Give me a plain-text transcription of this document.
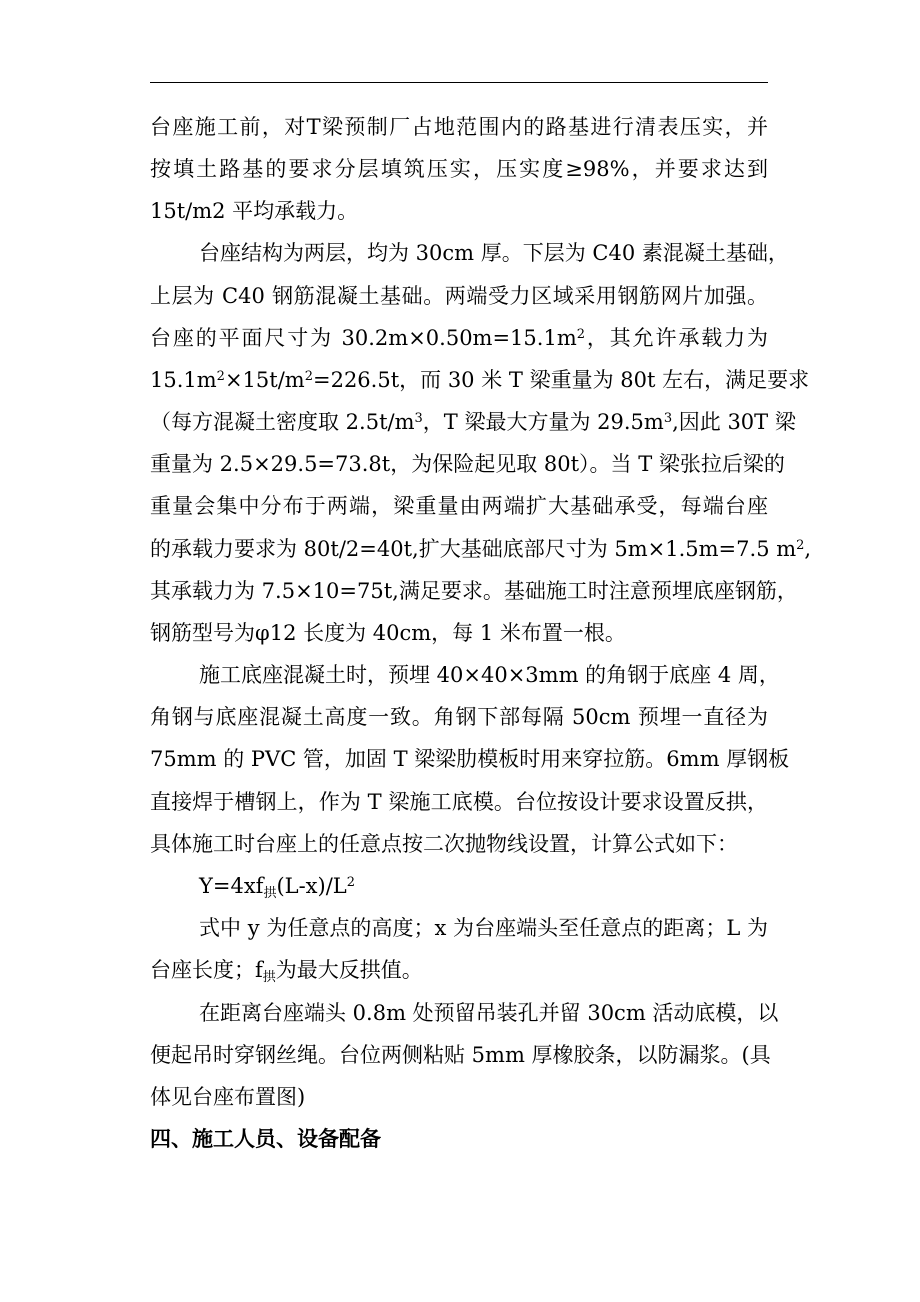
台座施工前，对T梁预制厂占地范围内的路基进行清表压实，并
按填土路基的要求分层填筑压实，压实度≥98%，并要求达到
15t/m2 平均承载力。
台座结构为两层，均为 30cm 厚。下层为 C40 素混凝土基础，
上层为 C40 钢筋混凝土基础。两端受力区域采用钢筋网片加强。
台座的平面尺寸为 $30.2m\times 0.50m=15.1m^2$，其允许承载力为
$15.1m^2\times 15t/m^2=226.5t$，而 30 米 T 梁重量为 80t 左右，满足要求
（每方混凝土密度取 $2.5t/m^3$，T 梁最大方量为 $29.5m^3$,因此 30T 梁
重量为 2.5×29.5=73.8t，为保险起见取 80t）。当 T 梁张拉后梁的
重量会集中分布于两端，梁重量由两端扩大基础承受，每端台座
的承载力要求为 80t/2=40t,扩大基础底部尺寸为 5m×1.5m=7.5 $m^2$,
其承载力为 7.5×10=75t,满足要求。基础施工时注意预埋底座钢筋，
钢筋型号为φ12 长度为 40cm，每 1 米布置一根。
施工底座混凝土时，预埋 40×40×3mm 的角钢于底座 4 周，
角钢与底座混凝土高度一致。角钢下部每隔 50cm 预埋一直径为
75mm 的 PVC 管，加固 T 梁梁肋模板时用来穿拉筋。6mm 厚钢板
直接焊于槽钢上，作为 T 梁施工底模。台位按设计要求设置反拱，
具体施工时台座上的任意点按二次抛物线设置，计算公式如下：
$Y=4xf_拱(L-x)/L^2$
式中 y 为任意点的高度；x 为台座端头至任意点的距离；L 为
台座长度；$f_拱$为最大反拱值。
在距离台座端头 0.8m 处预留吊装孔并留 30cm 活动底模，以
便起吊时穿钢丝绳。台位两侧粘贴 5mm 厚橡胶条，以防漏浆。(具
体见台座布置图)
四、施工人员、设备配备
